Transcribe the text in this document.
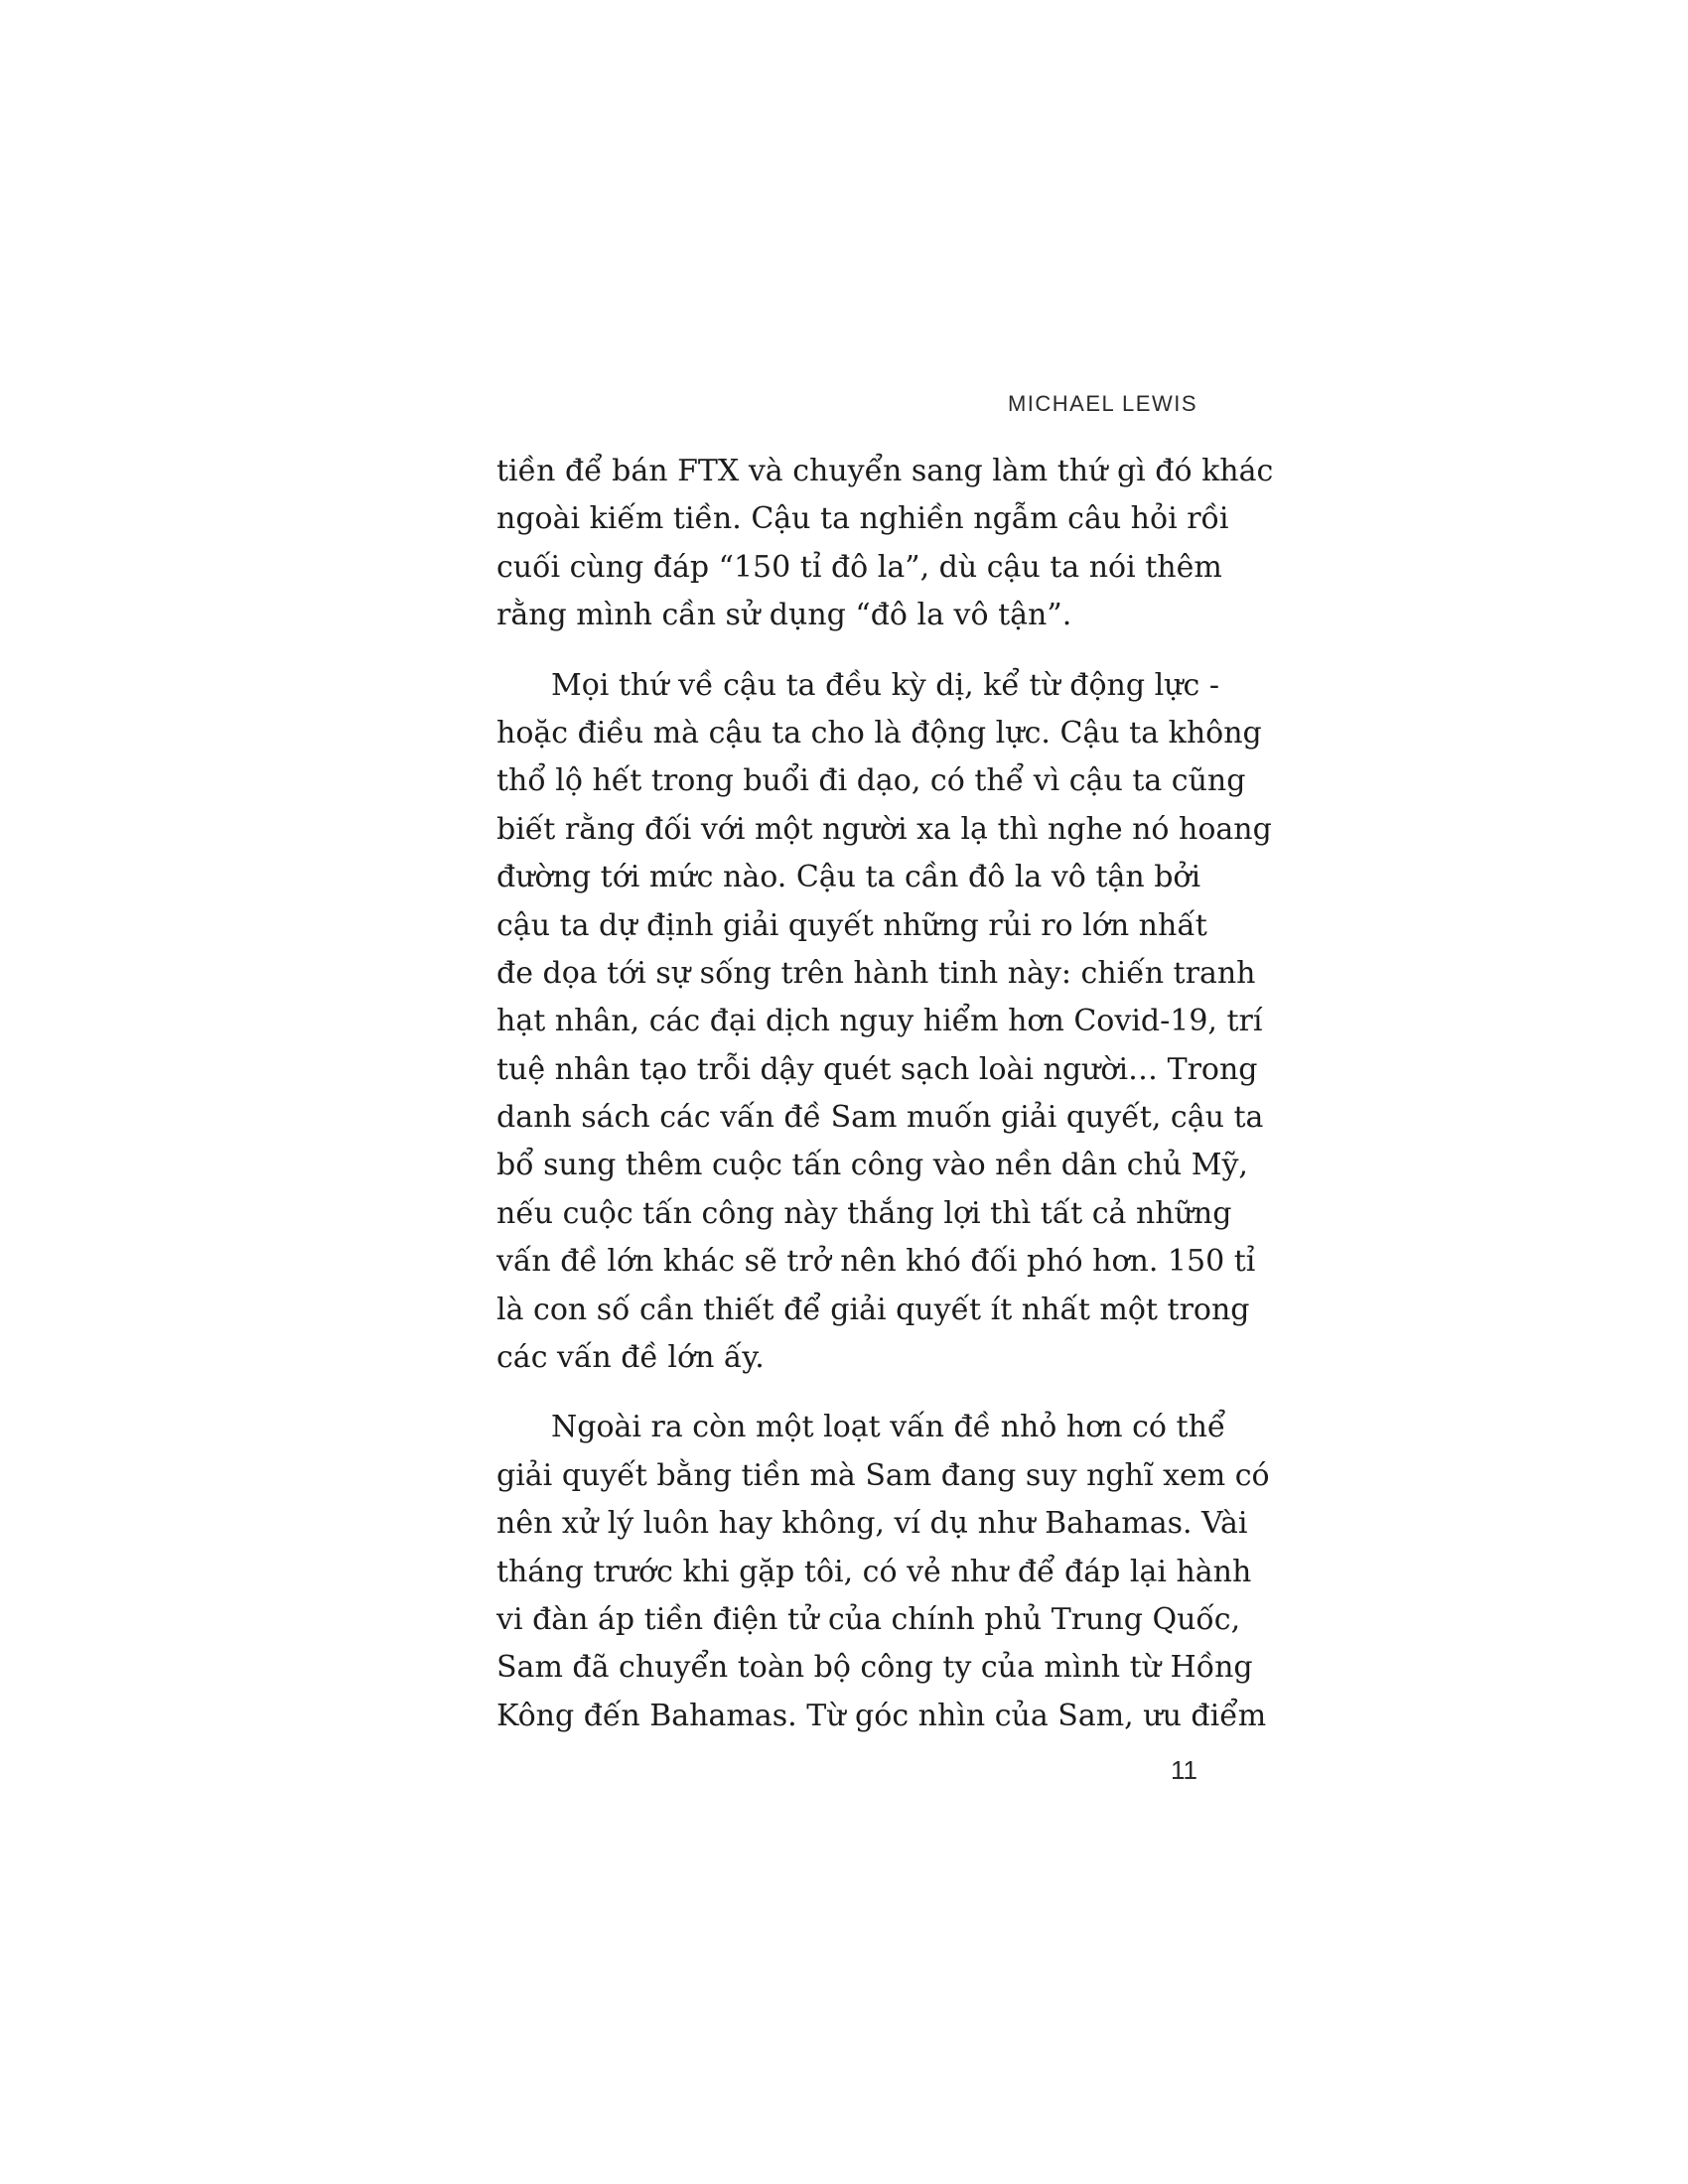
MICHAEL LEWIS
tiền để bán FTX và chuyển sang làm thứ gì đó khác
ngoài kiếm tiền. Cậu ta nghiền ngẫm câu hỏi rồi
cuối cùng đáp “150 tỉ đô la”, dù cậu ta nói thêm
rằng mình cần sử dụng “đô la vô tận”.
Mọi thứ về cậu ta đều kỳ dị, kể từ động lực -
hoặc điều mà cậu ta cho là động lực. Cậu ta không
thổ lộ hết trong buổi đi dạo, có thể vì cậu ta cũng
biết rằng đối với một người xa lạ thì nghe nó hoang
đường tới mức nào. Cậu ta cần đô la vô tận bởi
cậu ta dự định giải quyết những rủi ro lớn nhất
đe dọa tới sự sống trên hành tinh này: chiến tranh
hạt nhân, các đại dịch nguy hiểm hơn Covid-19, trí
tuệ nhân tạo trỗi dậy quét sạch loài người… Trong
danh sách các vấn đề Sam muốn giải quyết, cậu ta
bổ sung thêm cuộc tấn công vào nền dân chủ Mỹ,
nếu cuộc tấn công này thắng lợi thì tất cả những
vấn đề lớn khác sẽ trở nên khó đối phó hơn. 150 tỉ
là con số cần thiết để giải quyết ít nhất một trong
các vấn đề lớn ấy.
Ngoài ra còn một loạt vấn đề nhỏ hơn có thể
giải quyết bằng tiền mà Sam đang suy nghĩ xem có
nên xử lý luôn hay không, ví dụ như Bahamas. Vài
tháng trước khi gặp tôi, có vẻ như để đáp lại hành
vi đàn áp tiền điện tử của chính phủ Trung Quốc,
Sam đã chuyển toàn bộ công ty của mình từ Hồng
Kông đến Bahamas. Từ góc nhìn của Sam, ưu điểm
11
